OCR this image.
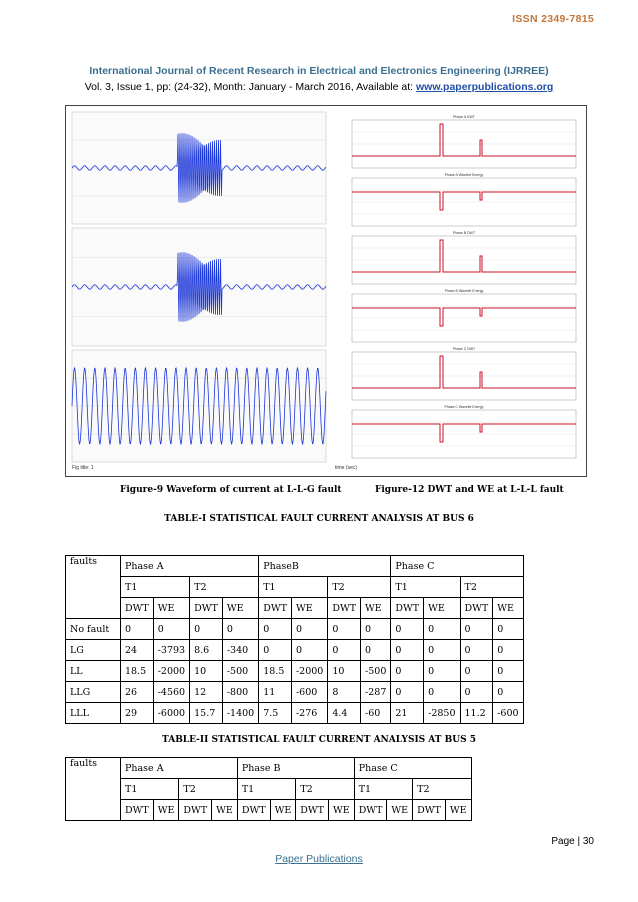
ISSN 2349-7815
International Journal of Recent Research in Electrical and Electronics Engineering (IJRREE)
Vol. 3, Issue 1, pp: (24-32), Month: January - March 2016, Available at: www.paperpublications.org
Fig title: 1
Phase A DWT
Phase A Wavelet Energy
Phase B DWT
Phase B Wavelet Energy
Phase C DWT
Phase C Wavelet Energy
time (sec)
Figure-9 Waveform of current at L-L-G fault	Figure-12 DWT and WE at L-L-L fault
TABLE-I STATISTICAL FAULT CURRENT ANALYSIS AT BUS 6
faults	Phase A				PhaseB				Phase C			
	T1		T2		T1		T2		T1		T2	
	DWT	WE	DWT	WE	DWT	WE	DWT	WE	DWT	WE	DWT	WE
No fault	0	0	0	0	0	0	0	0	0	0	0	0
LG	24	-3793	8.6	-340	0	0	0	0	0	0	0	0
LL	18.5	-2000	10	-500	18.5	-2000	10	-500	0	0	0	0
LLG	26	-4560	12	-800	11	-600	8	-287	0	0	0	0
LLL	29	-6000	15.7	-1400	7.5	-276	4.4	-60	21	-2850	11.2	-600
TABLE-II STATISTICAL FAULT CURRENT ANALYSIS AT BUS 5
faults	Phase A				Phase B				Phase C			
	T1		T2		T1		T2		T1		T2	
	DWT	WE	DWT	WE	DWT	WE	DWT	WE	DWT	WE	DWT	WE
Page | 30
Paper Publications
